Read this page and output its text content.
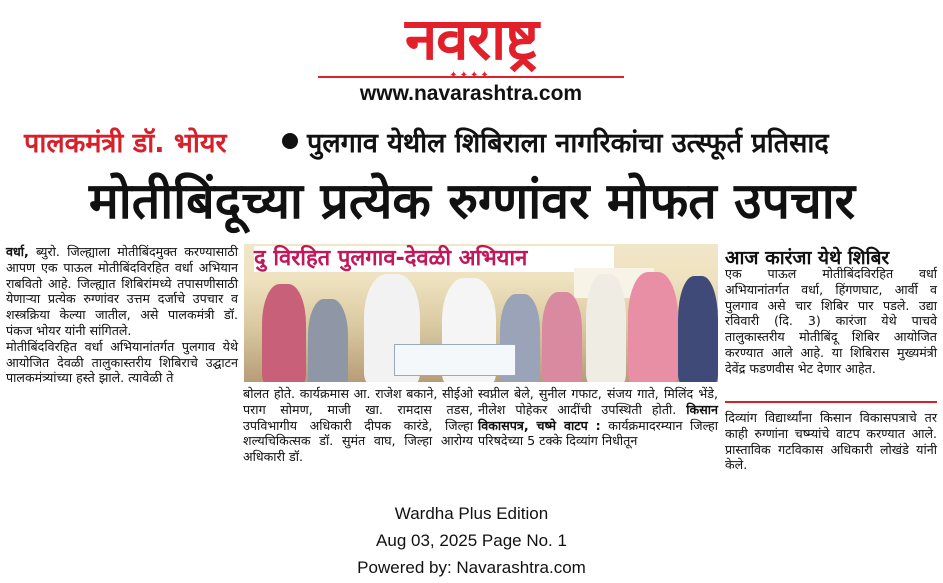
नवराष्ट्र
www.navarashtra.com
पालकमंत्री डॉ. भोयर	पुलगाव येथील शिबिराला नागरिकांचा उत्स्फूर्त प्रतिसाद
मोतीबिंदूच्या प्रत्येक रुग्णांवर मोफत उपचार
वर्धा, ब्युरो. जिल्ह्याला मोतीबिंदमुक्त करण्यासाठी आपण एक पाऊल मोतीबिंदविरहित वर्धा अभियान राबवितो आहे. जिल्ह्यात शिबिरांमध्ये तपासणीसाठी येणाऱ्या प्रत्येक रुग्णांवर उत्तम दर्जाचे उपचार व शस्त्रक्रिया केल्या जातील, असे पालकमंत्री डॉ. पंकज भोयर यांनी सांगितले.
मोतीबिंदविरहित वर्धा अभियानांतर्गत पुलगाव येथे आयोजित देवळी तालुकास्तरीय शिबिराचे उद्घाटन पालकमंत्र्यांच्या हस्ते झाले. त्यावेळी ते
दु विरहित पुलगाव-देवळी अभियान
बोलत होते. कार्यक्रमास आ. राजेश बकाने, सीईओ पराग सोमण, माजी खा. रामदास तडस, उपविभागीय अधिकारी दीपक कारंडे, जिल्हा शल्यचिकित्सक डॉ. सुमंत वाघ, जिल्हा आरोग्य अधिकारी डॉ.
स्वप्नील बेले, सुनील गफाट, संजय गाते, मिलिंद भेंडे, नीलेश पोहेकर आदींची उपस्थिती होती. किसान विकासपत्र, चष्मे वाटप : कार्यक्रमादरम्यान जिल्हा परिषदेच्या 5 टक्के दिव्यांग निधीतून
आज कारंजा येथे शिबिर
एक पाऊल मोतीबिंदविरहित वर्धा अभियानांतर्गत वर्धा, हिंगणघाट, आर्वी व पुलगाव असे चार शिबिर पार पडले. उद्या रविवारी (दि. 3) कारंजा येथे पाचवे तालुकास्तरीय मोतीबिंदू शिबिर आयोजित करण्यात आले आहे. या शिबिरास मुख्यमंत्री देवेंद्र फडणवीस भेट देणार आहेत.
दिव्यांग विद्यार्थ्यांना किसान विकासपत्राचे तर काही रुग्णांना चष्म्यांचे वाटप करण्यात आले. प्रास्ताविक गटविकास अधिकारी लोखंडे यांनी केले.
Wardha Plus Edition
Aug 03, 2025 Page No. 1
Powered by: Navarashtra.com
